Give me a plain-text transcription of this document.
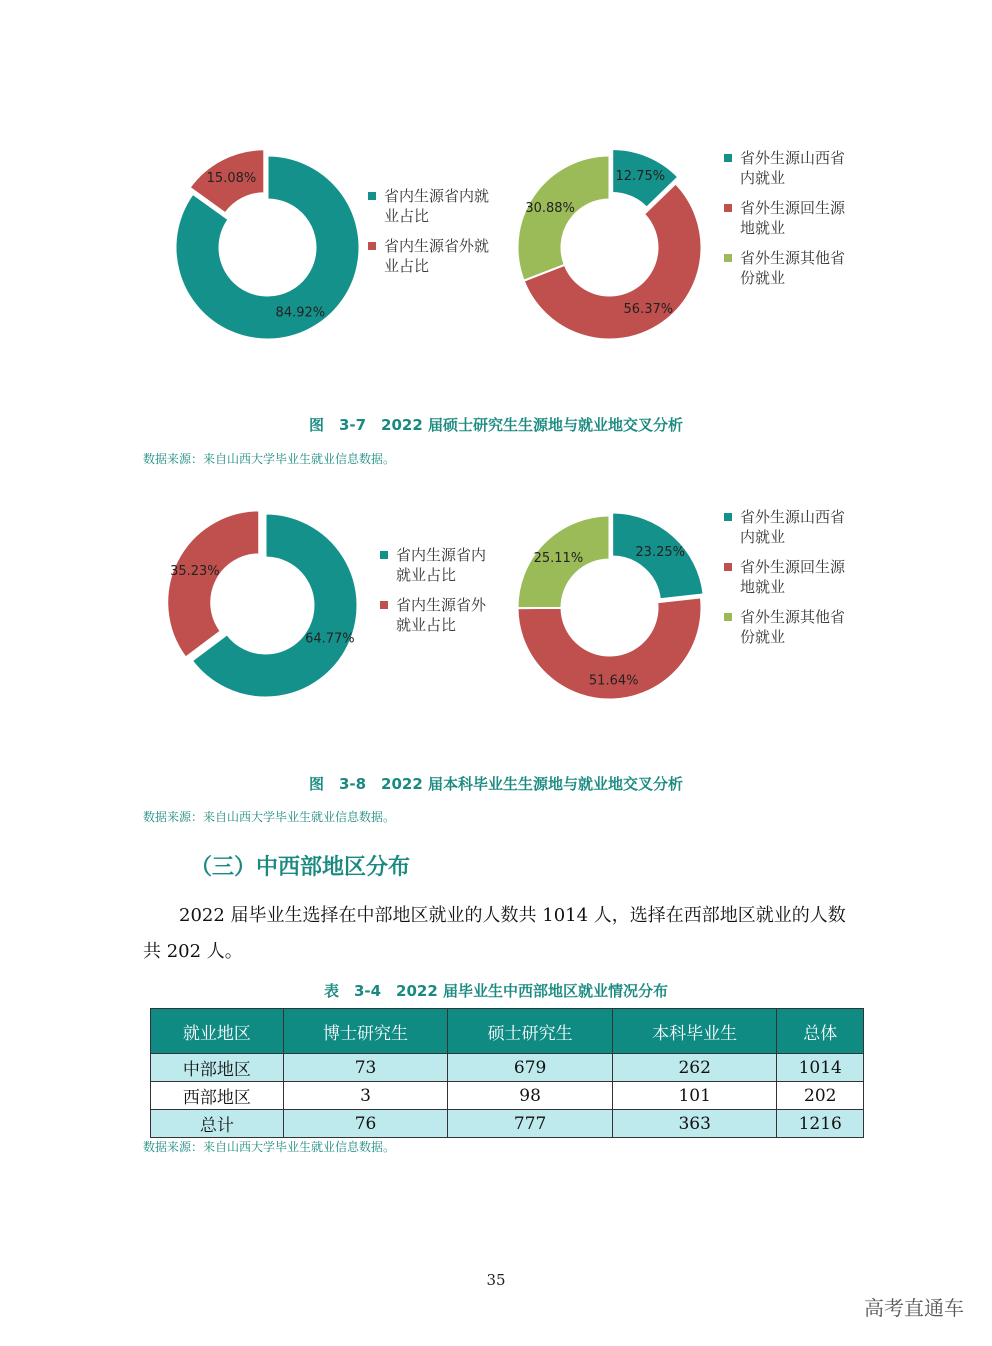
84.92%
15.08%
省内生源省内就业占比
省内生源省外就业占比
12.75%
56.37%
30.88%
省外生源山西省内就业
省外生源回生源地就业
省外生源其他省份就业
图　3-7　2022 届硕士研究生生源地与就业地交叉分析
数据来源：来自山西大学毕业生就业信息数据。
64.77%
35.23%
省内生源省内就业占比
省内生源省外就业占比
23.25%
51.64%
25.11%
省外生源山西省内就业
省外生源回生源地就业
省外生源其他省份就业
图　3-8　2022 届本科毕业生生源地与就业地交叉分析
数据来源：来自山西大学毕业生就业信息数据。
（三）中西部地区分布
2022 届毕业生选择在中部地区就业的人数共 1014 人，选择在西部地区就业的人数共 202 人。
表　3-4　2022 届毕业生中西部地区就业情况分布
就业地区	博士研究生	硕士研究生	本科毕业生	总体
中部地区	73	679	262	1014
西部地区	3	98	101	202
总计	76	777	363	1216
数据来源：来自山西大学毕业生就业信息数据。
35
高考直通车
